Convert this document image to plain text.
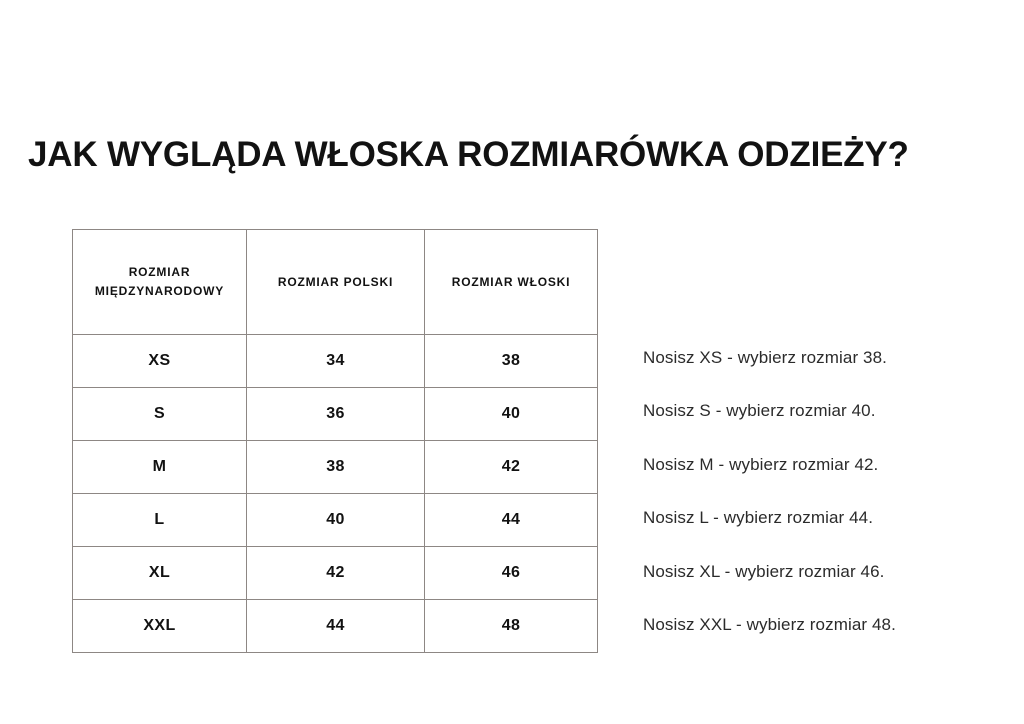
JAK WYGLĄDA WŁOSKA ROZMIARÓWKA ODZIEŻY?
ROZMIAR MIĘDZYNARODOWY	ROZMIAR POLSKI	ROZMIAR WŁOSKI
XS	34	38
S	36	40
M	38	42
L	40	44
XL	42	46
XXL	44	48
Nosisz XS - wybierz rozmiar 38.
Nosisz S - wybierz rozmiar 40.
Nosisz M - wybierz rozmiar 42.
Nosisz L - wybierz rozmiar 44.
Nosisz XL - wybierz rozmiar 46.
Nosisz XXL - wybierz rozmiar 48.
